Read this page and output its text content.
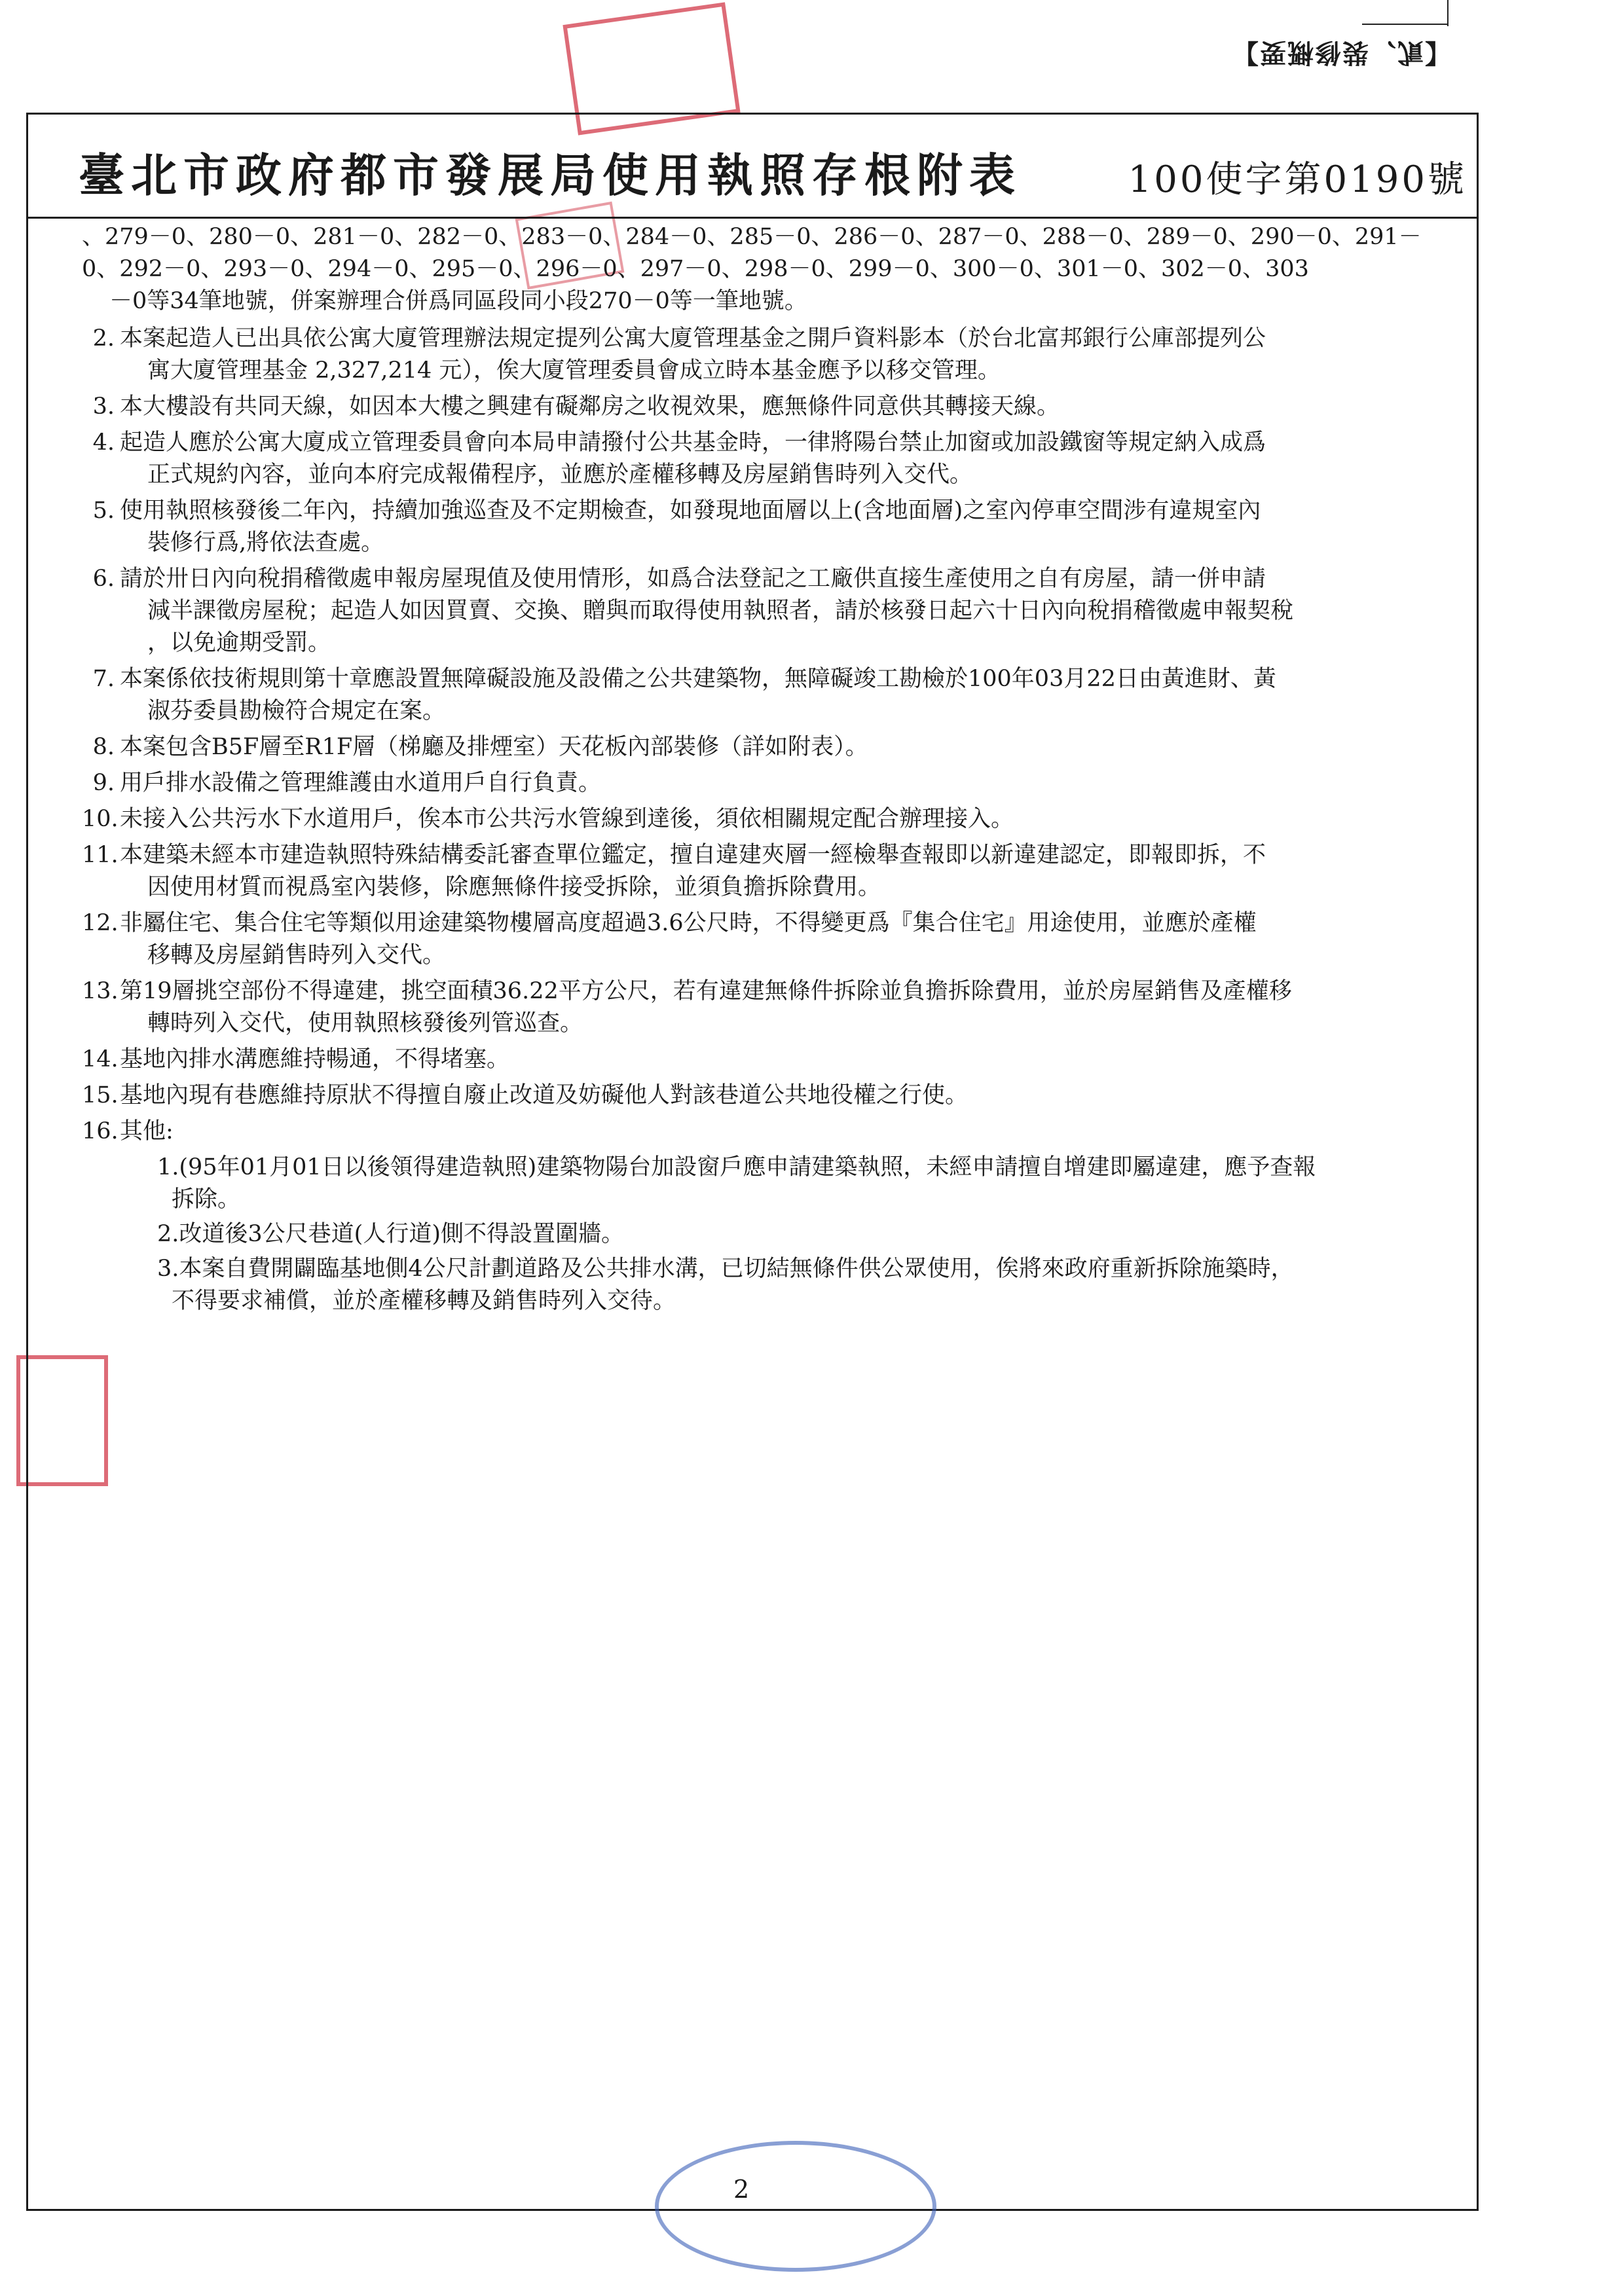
【貳、裝修概要】
臺北市政府都市發展局使用執照存根附表	100使字第0190號
、279－0、280－0、281－0、282－0、283－0、284－0、285－0、286－0、287－0、288－0、289－0、290－0、291－
0、292－0、293－0、294－0、295－0、296－0、297－0、298－0、299－0、300－0、301－0、302－0、303
－0等34筆地號，併案辦理合併爲同區段同小段270－0等一筆地號。
2. 本案起造人已出具依公寓大廈管理辦法規定提列公寓大廈管理基金之開戶資料影本（於台北富邦銀行公庫部提列公
寓大廈管理基金 2,327,214 元），俟大廈管理委員會成立時本基金應予以移交管理。
3. 本大樓設有共同天線，如因本大樓之興建有礙鄰房之收視效果，應無條件同意供其轉接天線。
4. 起造人應於公寓大廈成立管理委員會向本局申請撥付公共基金時，一律將陽台禁止加窗或加設鐵窗等規定納入成爲
正式規約內容，並向本府完成報備程序，並應於產權移轉及房屋銷售時列入交代。
5. 使用執照核發後二年內，持續加強巡查及不定期檢查，如發現地面層以上(含地面層)之室內停車空間涉有違規室內
裝修行爲,將依法查處。
6. 請於卅日內向稅捐稽徵處申報房屋現值及使用情形，如爲合法登記之工廠供直接生產使用之自有房屋，請一併申請
減半課徵房屋稅；起造人如因買賣、交換、贈與而取得使用執照者，請於核發日起六十日內向稅捐稽徵處申報契稅
，以免逾期受罰。
7. 本案係依技術規則第十章應設置無障礙設施及設備之公共建築物，無障礙竣工勘檢於100年03月22日由黃進財、黃
淑芬委員勘檢符合規定在案。
8. 本案包含B5F層至R1F層（梯廳及排煙室）天花板內部裝修（詳如附表）。
9. 用戶排水設備之管理維護由水道用戶自行負責。
10. 未接入公共污水下水道用戶，俟本市公共污水管線到達後，須依相關規定配合辦理接入。
11. 本建築未經本市建造執照特殊結構委託審查單位鑑定，擅自違建夾層一經檢舉查報即以新違建認定，即報即拆，不
因使用材質而視爲室內裝修，除應無條件接受拆除，並須負擔拆除費用。
12. 非屬住宅、集合住宅等類似用途建築物樓層高度超過3.6公尺時，不得變更爲『集合住宅』用途使用，並應於產權
移轉及房屋銷售時列入交代。
13. 第19層挑空部份不得違建，挑空面積36.22平方公尺，若有違建無條件拆除並負擔拆除費用，並於房屋銷售及產權移
轉時列入交代，使用執照核發後列管巡查。
14. 基地內排水溝應維持暢通，不得堵塞。
15. 基地內現有巷應維持原狀不得擅自廢止改道及妨礙他人對該巷道公共地役權之行使。
16. 其他:
1.(95年01月01日以後領得建造執照)建築物陽台加設窗戶應申請建築執照，未經申請擅自增建即屬違建，應予查報
拆除。
2.改道後3公尺巷道(人行道)側不得設置圍牆。
3.本案自費開闢臨基地側4公尺計劃道路及公共排水溝，已切結無條件供公眾使用，俟將來政府重新拆除施築時，
不得要求補償，並於產權移轉及銷售時列入交待。
2
